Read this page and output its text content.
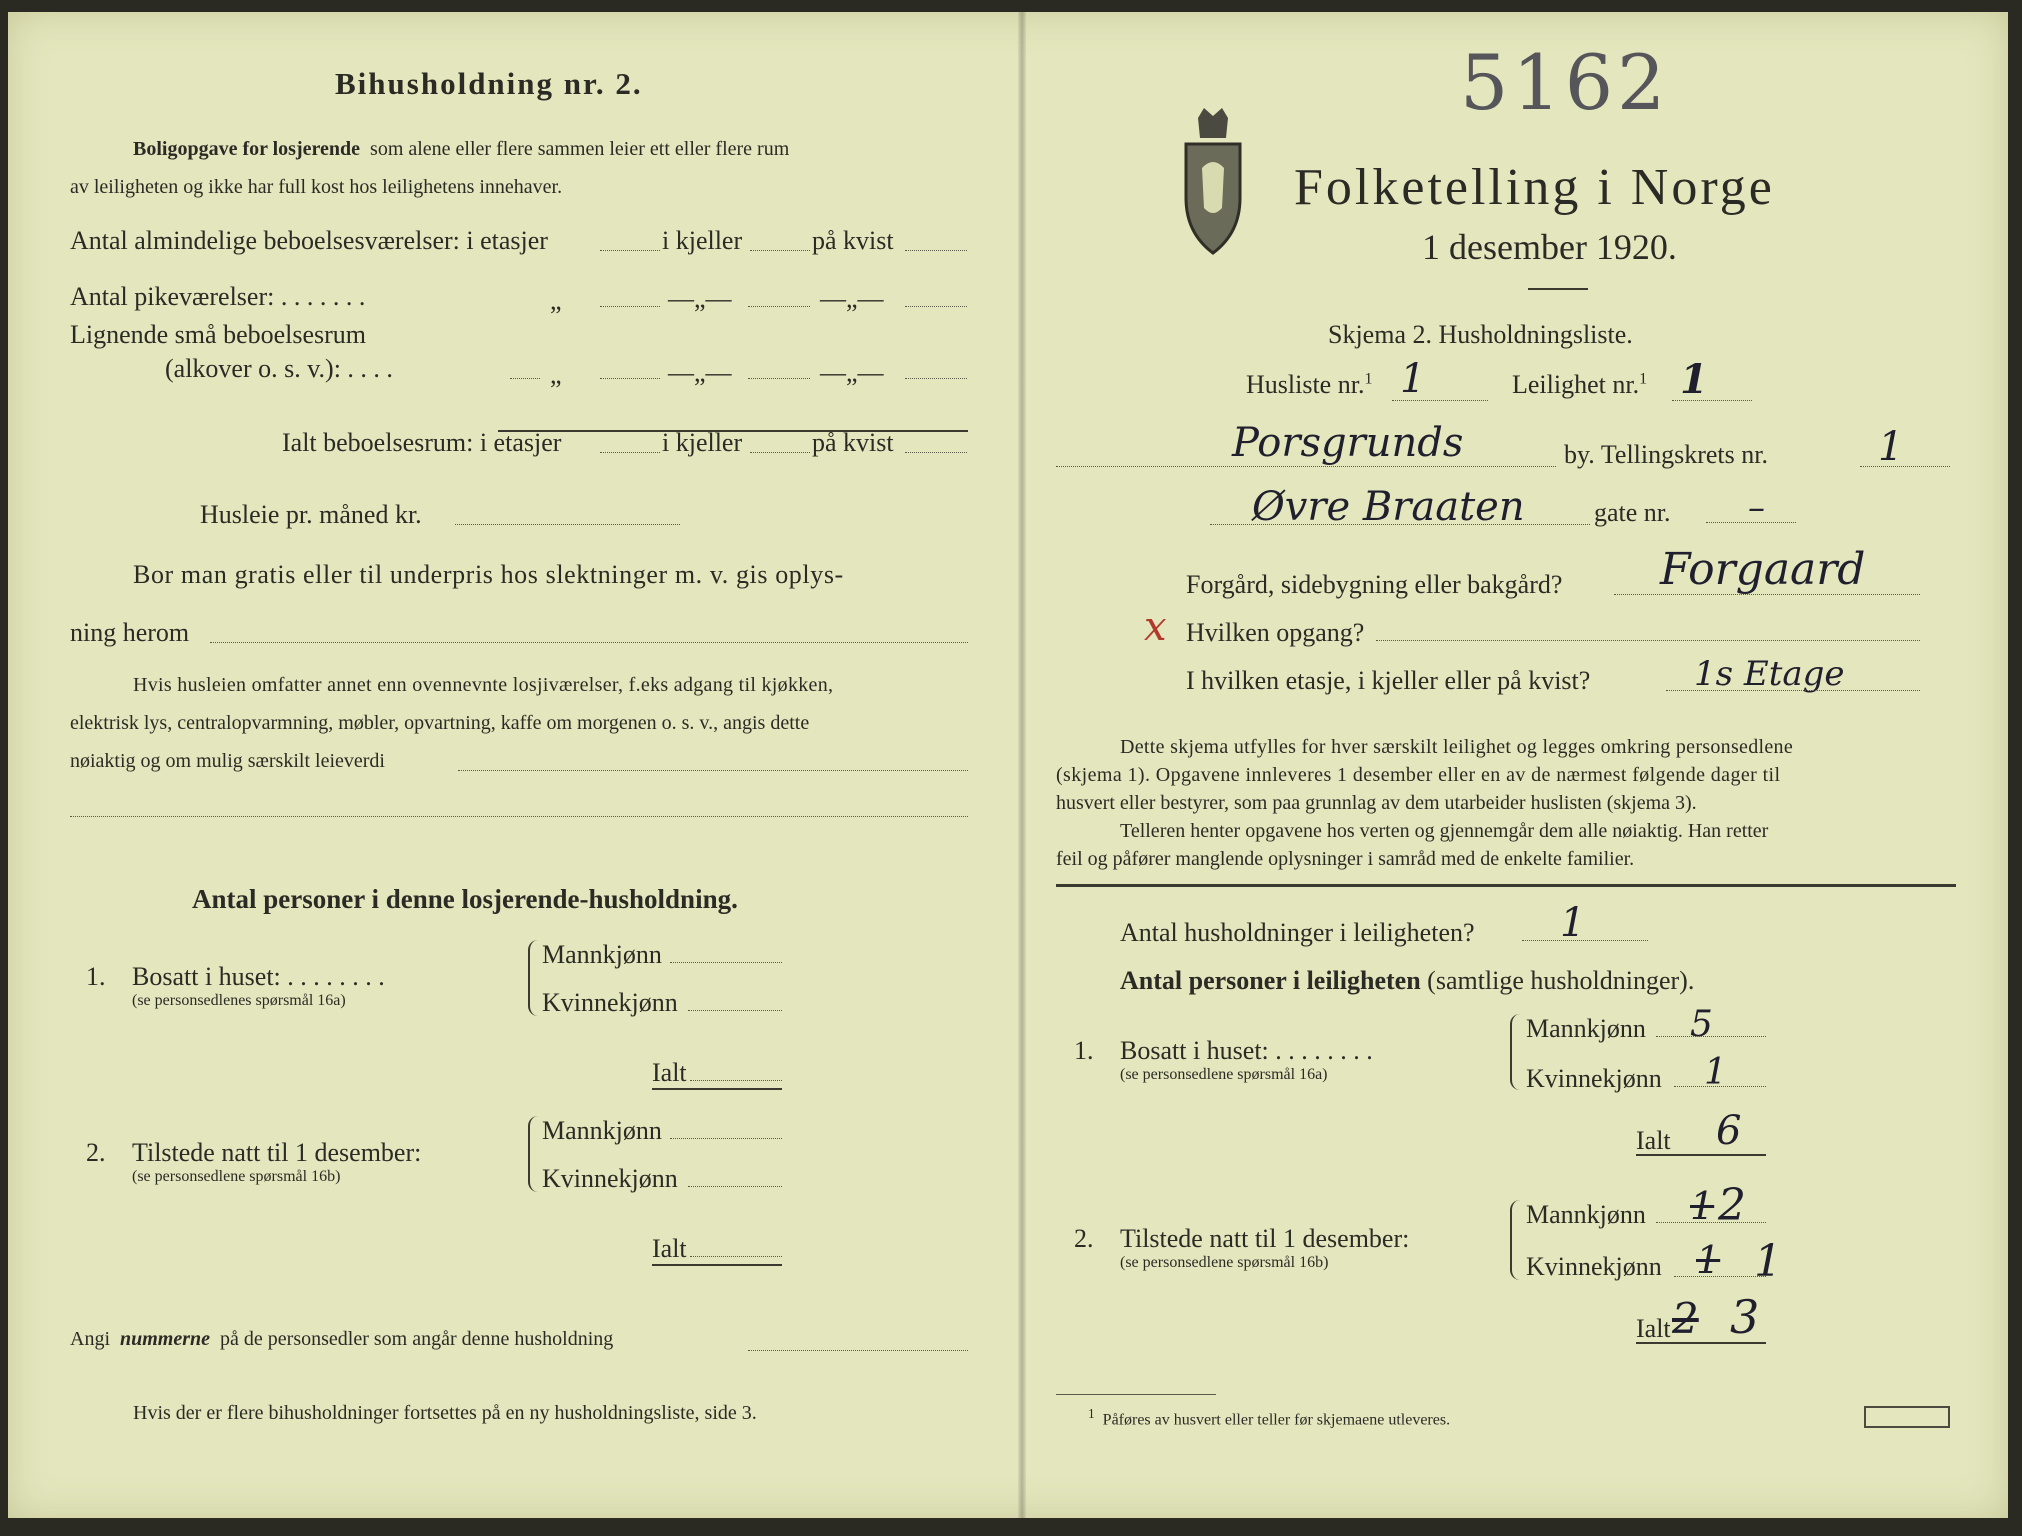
Bihusholdning nr. 2.
Boligopgave for losjerende som alene eller flere sammen leier ett eller flere rum
av leiligheten og ikke har full kost hos leilighetens innehaver.
Antal almindelige beboelsesværelser: i etasjer	i kjeller	på kvist
Antal pikeværelser: . . . . . . .	„	—„—	—„—
Lignende små beboelsesrum
(alkover o. s. v.): . . . .	„	—„—	—„—
Ialt beboelsesrum: i etasjer	i kjeller	på kvist
Husleie pr. måned kr.
Bor man gratis eller til underpris hos slektninger m. v. gis oplys-
ning herom
Hvis husleien omfatter annet enn ovennevnte losjiværelser, f.eks adgang til kjøkken,
elektrisk lys, centralopvarmning, møbler, opvartning, kaffe om morgenen o. s. v., angis dette
nøiaktig og om mulig særskilt leieverdi
Antal personer i denne losjerende-husholdning.
1. Bosatt i huset: . . . . . . . .
(se personsedlenes spørsmål 16a)
Mannkjønn
Kvinnekjønn
Ialt
2. Tilstede natt til 1 desember:
(se personsedlene spørsmål 16b)
Mannkjønn
Kvinnekjønn
Ialt
Angi nummerne på de personsedler som angår denne husholdning
Hvis der er flere bihusholdninger fortsettes på en ny husholdningsliste, side 3.
5162
Folketelling i Norge
1 desember 1920.
Skjema 2. Husholdningsliste.
Husliste nr.$^1$ 1	Leilighet nr.$^1$ 1
Porsgrunds	by. Tellingskrets nr.	1
Øvre Braaten	gate nr. –
Forgård, sidebygning eller bakgård? Forgaard
x Hvilken opgang?
I hvilken etasje, i kjeller eller på kvist?	1s Etage
Dette skjema utfylles for hver særskilt leilighet og legges omkring personsedlene
(skjema 1). Opgavene innleveres 1 desember eller en av de nærmest følgende dager til
husvert eller bestyrer, som paa grunnlag av dem utarbeider huslisten (skjema 3).
Telleren henter opgavene hos verten og gjennemgår dem alle nøiaktig. Han retter
feil og påfører manglende oplysninger i samråd med de enkelte familier.
Antal husholdninger i leiligheten? 1
Antal personer i leiligheten (samtlige husholdninger).
1. Bosatt i huset: . . . . . . . .
(se personsedlene spørsmål 16a)
Mannkjønn 5
Kvinnekjønn 1
Ialt 6
2. Tilstede natt til 1 desember:
(se personsedlene spørsmål 16b)
Mannkjønn 1 2
Kvinnekjønn 1 1
Ialt 2 3
$^1$ Påføres av husvert eller teller før skjemaene utleveres.
